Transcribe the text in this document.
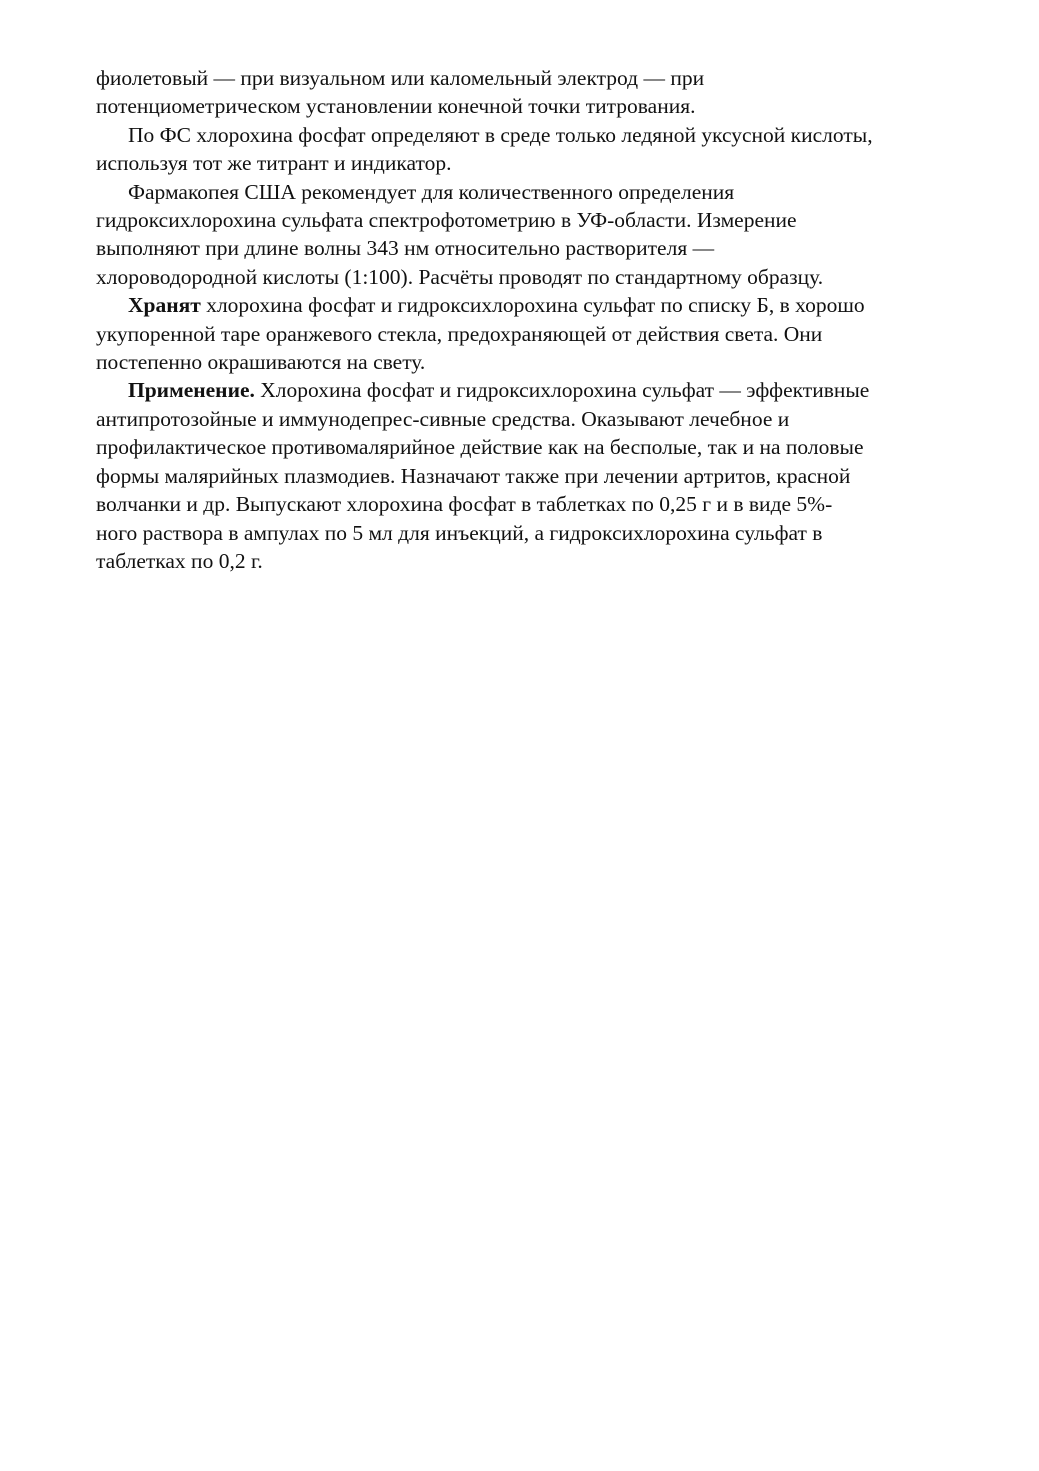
фиолетовый — при визуальном или каломельный электрод — при
потенциометрическом установлении конечной точки титрования.
По ФС хлорохина фосфат определяют в среде только ледяной уксусной кислоты,
используя тот же титрант и индикатор.
Фармакопея США рекомендует для количественного определения
гидроксихлорохина сульфата спектрофотометрию в УФ-области. Измерение
выполняют при длине волны 343 нм относительно растворителя —
хлороводородной кислоты (1:100). Расчёты проводят по стандартному образцу.
Хранят хлорохина фосфат и гидроксихлорохина сульфат по списку Б, в хорошо
укупоренной таре оранжевого стекла, предохраняющей от действия света. Они
постепенно окрашиваются на свету.
Применение. Хлорохина фосфат и гидроксихлорохина сульфат — эффективные
антипротозойные и иммунодепрес-сивные средства. Оказывают лечебное и
профилактическое противомалярийное действие как на бесполые, так и на половые
формы малярийных плазмодиев. Назначают также при лечении артритов, красной
волчанки и др. Выпускают хлорохина фосфат в таблетках по 0,25 г и в виде 5%-
ного раствора в ампулах по 5 мл для инъекций, а гидроксихлорохина сульфат в
таблетках по 0,2 г.
